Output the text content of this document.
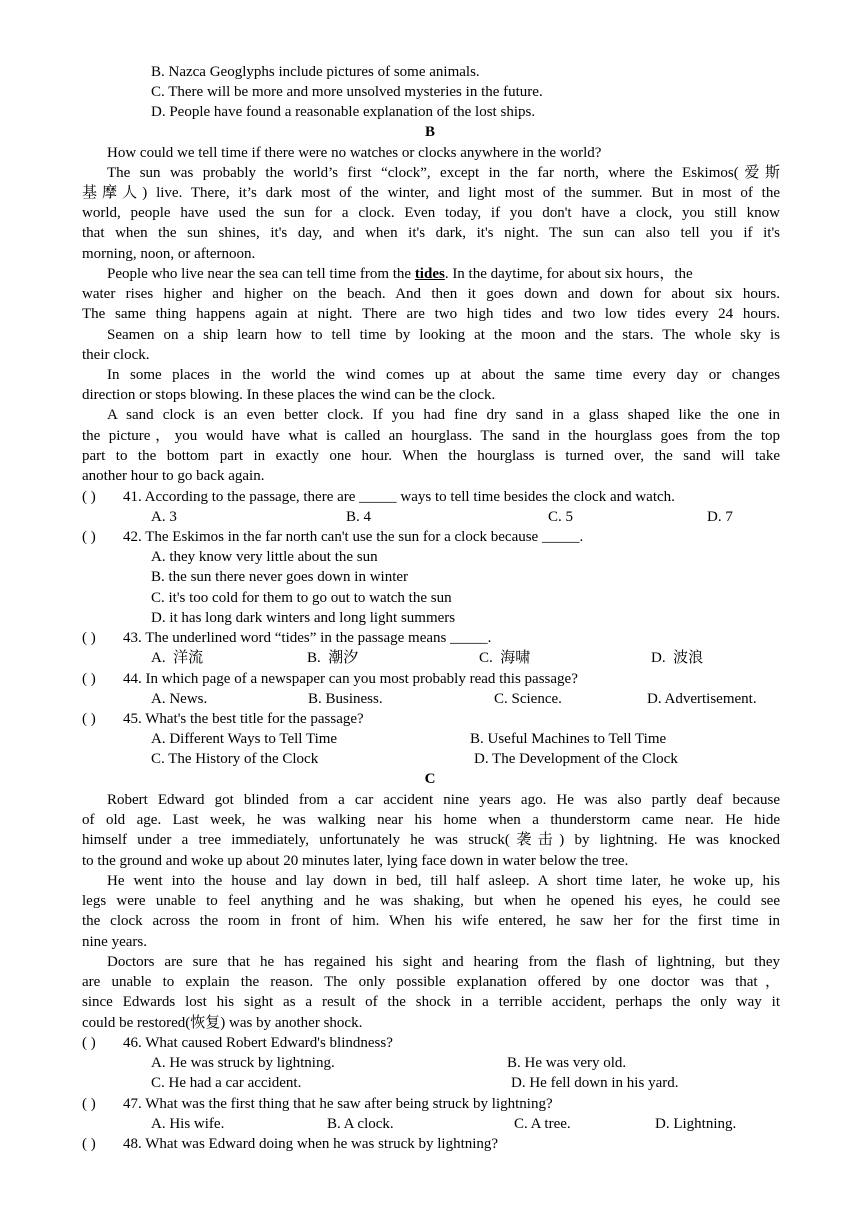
B. Nazca Geoglyphs include pictures of some animals.
C. There will be more and more unsolved mysteries in the future.
D. People have found a reasonable explanation of the lost ships.
B
How could we tell time if there were no watches or clocks anywhere in the world?
The sun was probably the world’s first “clock”, except in the far north, where the Eskimos(爱斯
基摩人) live. There, it’s dark most of the winter, and light most of the summer. But in most of the
world, people have used the sun for a clock. Even today, if you don't have a clock, you still know
that when the sun shines, it's day, and when it's dark, it's night. The sun can also tell you if it's
morning, noon, or afternoon.
People who live near the sea can tell time from the tides. In the daytime, for about six hours，the
water rises higher and higher on the beach. And then it goes down and down for about six hours.
The same thing happens again at night. There are two high tides and two low tides every 24 hours.
Seamen on a ship learn how to tell time by looking at the moon and the stars. The whole sky is
their clock.
In some places in the world the wind comes up at about the same time every day or changes
direction or stops blowing. In these places the wind can be the clock.
A sand clock is an even better clock. If you had fine dry sand in a glass shaped like the one in
the picture，you would have what is called an hourglass. The sand in the hourglass goes from the top
part to the bottom part in exactly one hour. When the hourglass is turned over, the sand will take
another hour to go back again.
( ) 41. According to the passage, there are _____ ways to tell time besides the clock and watch.
A. 3	B. 4	C. 5	D. 7
( ) 42. The Eskimos in the far north can't use the sun for a clock because _____.
A. they know very little about the sun
B. the sun there never goes down in winter
C. it's too cold for them to go out to watch the sun
D. it has long dark winters and long light summers
( ) 43. The underlined word “tides” in the passage means _____.
A.  洋流	B.  潮汐	C.  海啸	D.  波浪
( ) 44. In which page of a newspaper can you most probably read this passage?
A. News.	B. Business.	C. Science.	D. Advertisement.
( ) 45. What's the best title for the passage?
A. Different Ways to Tell Time	B. Useful Machines to Tell Time
C. The History of the Clock	D. The Development of the Clock
C
Robert Edward got blinded from a car accident nine years ago. He was also partly deaf because
of old age. Last week, he was walking near his home when a thunderstorm came near. He hide
himself under a tree immediately, unfortunately he was struck(袭击) by lightning. He was knocked
to the ground and woke up about 20 minutes later, lying face down in water below the tree.
He went into the house and lay down in bed, till half asleep. A short time later, he woke up, his
legs were unable to feel anything and he was shaking, but when he opened his eyes, he could see
the clock across the room in front of him. When his wife entered, he saw her for the first time in
nine years.
Doctors are sure that he has regained his sight and hearing from the flash of lightning, but they
are unable to explain the reason. The only possible explanation offered by one doctor was that，
since Edwards lost his sight as a result of the shock in a terrible accident, perhaps the only way it
could be restored(恢复) was by another shock.
( ) 46. What caused Robert Edward's blindness?
A. He was struck by lightning.	B. He was very old.
C. He had a car accident.	D. He fell down in his yard.
( ) 47. What was the first thing that he saw after being struck by lightning?
A. His wife.	B. A clock.	C. A tree.	D. Lightning.
( ) 48. What was Edward doing when he was struck by lightning?
